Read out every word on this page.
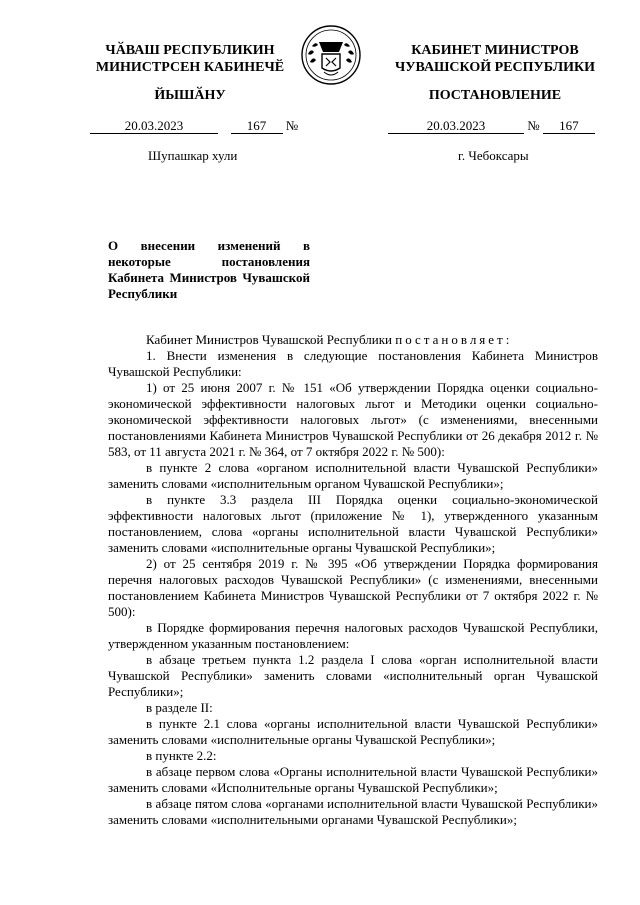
ЧӐВАШ РЕСПУБЛИКИН
МИНИСТРСЕН КАБИНЕЧӖ
КАБИНЕТ МИНИСТРОВ
ЧУВАШСКОЙ РЕСПУБЛИКИ
ЙЫШӐНУ	ПОСТАНОВЛЕНИЕ
20.03.2023	167 №	20.03.2023	№ 167
Шупашкар хули	г. Чебоксары
О внесении изменений в некоторые постановления Кабинета Министров Чувашской Республики

Кабинет Министров Чувашской Республики постановляет:

1. Внести изменения в следующие постановления Кабинета Министров Чувашской Республики:

1) от 25 июня 2007 г. № 151 «Об утверждении Порядка оценки социально-экономической эффективности налоговых льгот и Методики оценки социально-экономической эффективности налоговых льгот» (с изменениями, внесенными постановлениями Кабинета Министров Чувашской Республики от 26 декабря 2012 г. № 583, от 11 августа 2021 г. № 364, от 7 октября 2022 г. № 500):

в пункте 2 слова «органом исполнительной власти Чувашской Республики» заменить словами «исполнительным органом Чувашской Республики»;

в пункте 3.3 раздела III Порядка оценки социально-экономической эффективности налоговых льгот (приложение № 1), утвержденного указанным постановлением, слова «органы исполнительной власти Чувашской Республики» заменить словами «исполнительные органы Чувашской Республики»;

2) от 25 сентября 2019 г. № 395 «Об утверждении Порядка формирования перечня налоговых расходов Чувашской Республики» (с изменениями, внесенными постановлением Кабинета Министров Чувашской Республики от 7 октября 2022 г. № 500):

в Порядке формирования перечня налоговых расходов Чувашской Республики, утвержденном указанным постановлением:

в абзаце третьем пункта 1.2 раздела I слова «орган исполнительной власти Чувашской Республики» заменить словами «исполнительный орган Чувашской Республики»;

в разделе II:

в пункте 2.1 слова «органы исполнительной власти Чувашской Республики» заменить словами «исполнительные органы Чувашской Республики»;

в пункте 2.2:

в абзаце первом слова «Органы исполнительной власти Чувашской Республики» заменить словами «Исполнительные органы Чувашской Республики»;

в абзаце пятом слова «органами исполнительной власти Чувашской Республики» заменить словами «исполнительными органами Чувашской Республики»;
